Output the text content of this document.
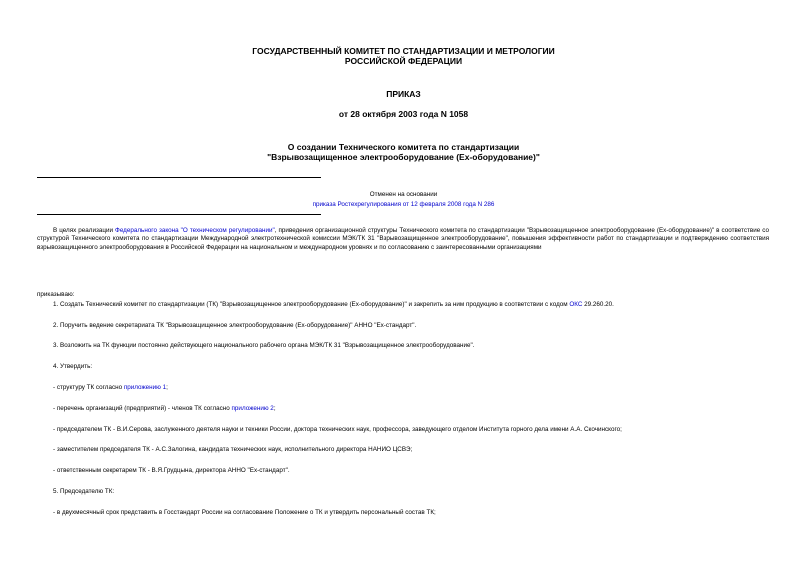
ГОСУДАРСТВЕННЫЙ КОМИТЕТ ПО СТАНДАРТИЗАЦИИ И МЕТРОЛОГИИ
РОССИЙСКОЙ ФЕДЕРАЦИИ
ПРИКАЗ
от 28 октября 2003 года N 1058
О создании Технического комитета по стандартизации
"Взрывозащищенное электрооборудование (Ех-оборудование)"
Отменен на основании
приказа Ростехрегулирования от 12 февраля 2008 года N 286
В целях реализации Федерального закона "О техническом регулировании", приведения организационной структуры Технического комитета по стандартизации "Взрывозащищенное электрооборудование (Ех-оборудование)" в соответствие со структурой Технического комитета по стандартизации Международной электротехнической комиссии МЭК/ТК 31 "Взрывозащищенное электрооборудование", повышения эффективности работ по стандартизации и подтверждению соответствия взрывозащищенного электрооборудования в Российской Федерации на национальном и международном уровнях и по согласованию с заинтересованными организациями
приказываю:
1. Создать Технический комитет по стандартизации (ТК) "Взрывозащищенное электрооборудование (Ех-оборудование)" и закрепить за ним продукцию в соответствии с кодом ОКС 29.260.20.
2. Поручить ведение секретариата ТК "Взрывозащищенное электрооборудование (Ех-оборудование)" АННО "Ех-стандарт".
3. Возложить на ТК функции постоянно действующего национального рабочего органа МЭК/ТК 31 "Взрывозащищенное электрооборудование".
4. Утвердить:
- структуру ТК согласно приложению 1;
- перечень организаций (предприятий) - членов ТК согласно приложению 2;
- председателем ТК - В.И.Серова, заслуженного деятеля науки и техники России, доктора технических наук, профессора, заведующего отделом Института горного дела имени А.А. Скочинского;
- заместителем председателя ТК - А.С.Залогина, кандидата технических наук, исполнительного директора НАНИО ЦСВЭ;
- ответственным секретарем ТК - В.Я.Грудцына, директора АННО "Ех-стандарт".
5. Председателю ТК:
- в двухмесячный срок представить в Госстандарт России на согласование Положение о ТК и утвердить персональный состав ТК;
